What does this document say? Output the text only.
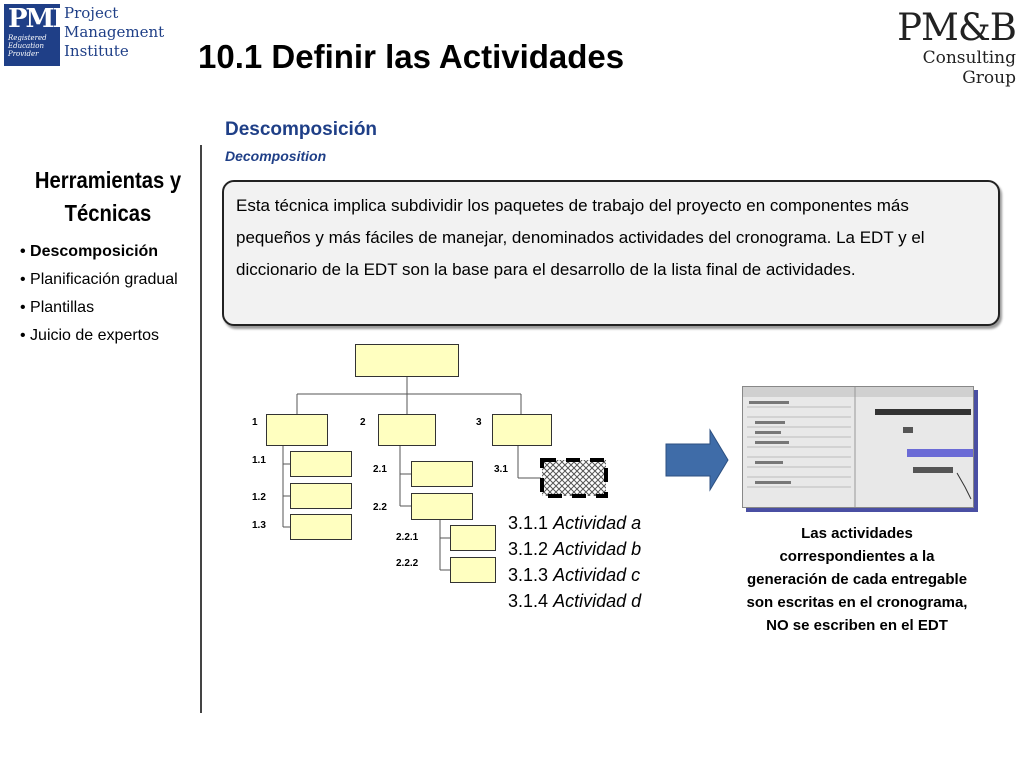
PMI
Registered
Education
Provider
Project
Management
Institute
PM&B
Consulting Group
10.1 Definir las Actividades
Descomposición
Decomposition
Herramientas y Técnicas
• Descomposición
• Planificación gradual
• Plantillas
• Juicio de expertos
Esta técnica implica subdividir los paquetes de trabajo del proyecto en componentes más pequeños y más fáciles de manejar, denominados actividades del cronograma. La EDT y el diccionario de la EDT son la base para el desarrollo de la lista final de actividades.
1	2	3
1.1
1.2
1.3
2.1
2.2
2.2.1
2.2.2
3.1
3.1.1 Actividad a
3.1.2 Actividad b
3.1.3 Actividad c
3.1.4 Actividad d
Las actividades correspondientes a la generación de cada entregable son escritas en el cronograma, NO se escriben en el EDT
